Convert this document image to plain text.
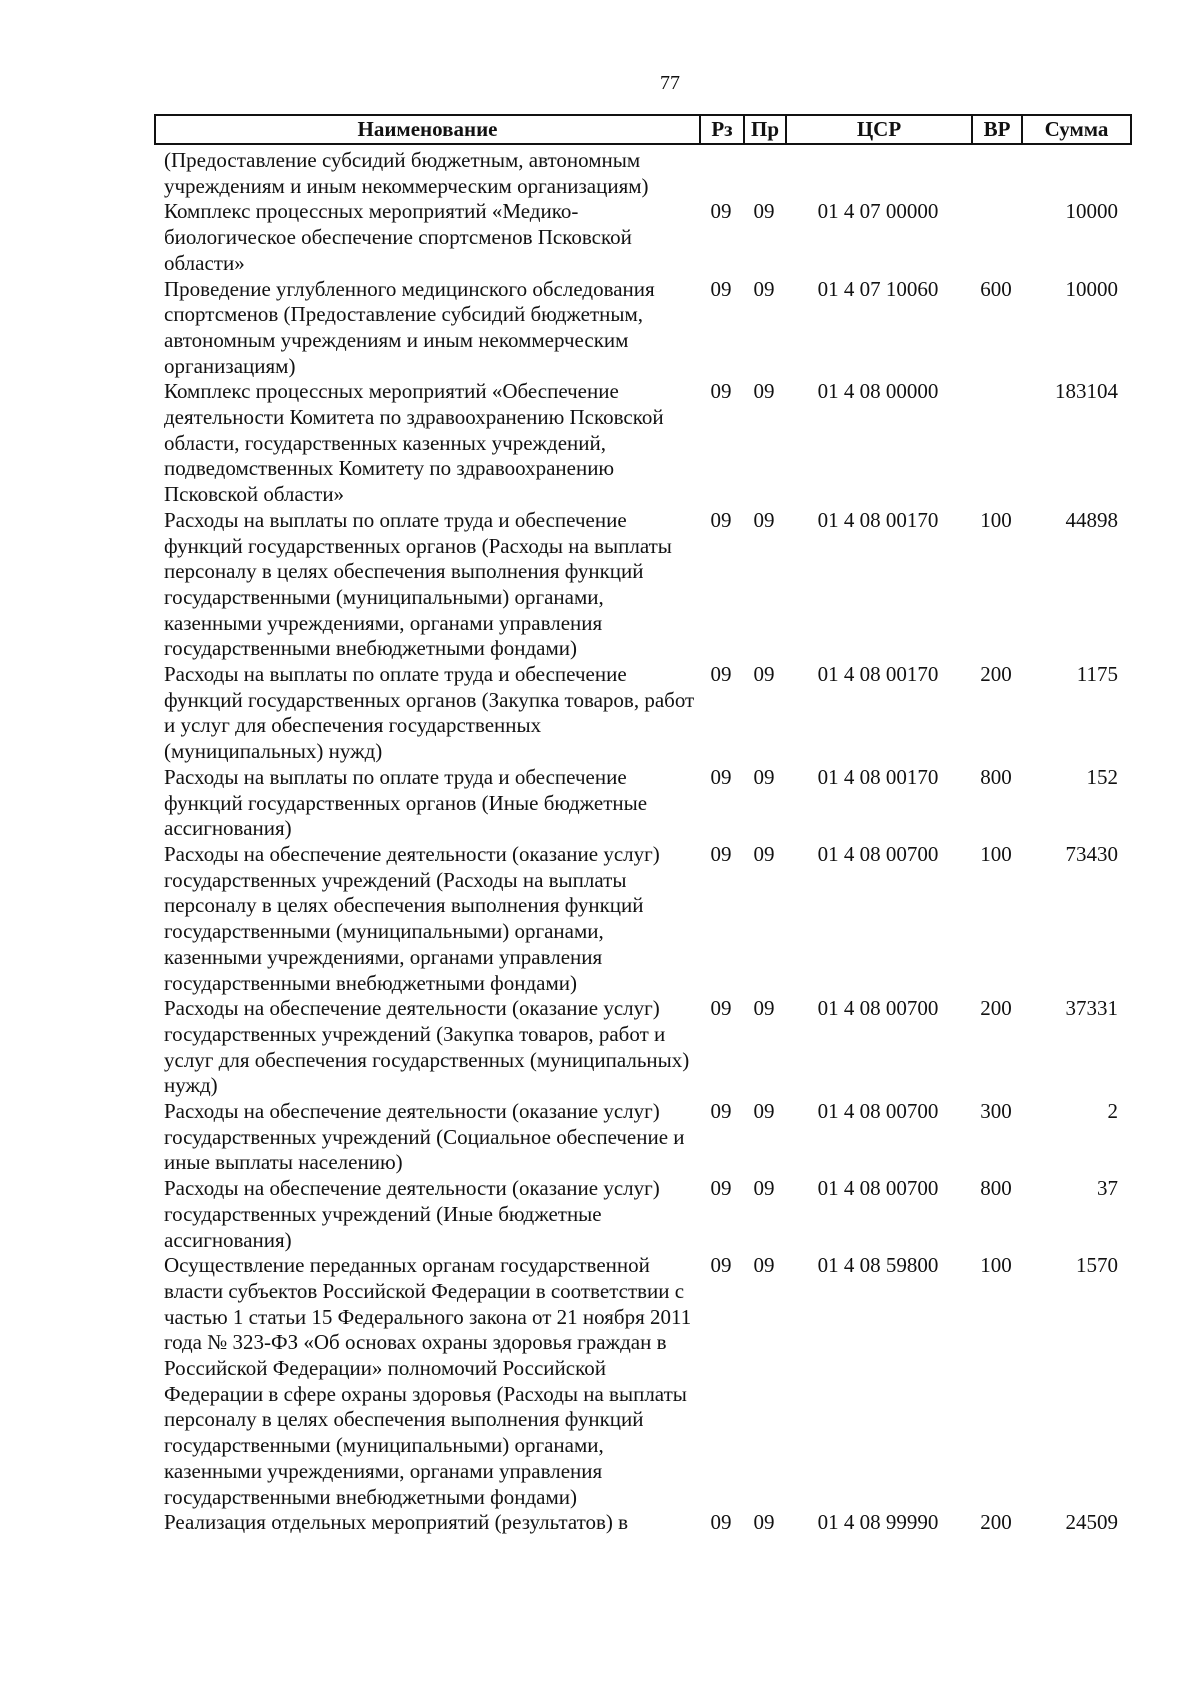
77
Наименование	Рз	Пр	ЦСР	ВР	Сумма
(Предоставление субсидий бюджетным, автономным учреждениям и иным некоммерческим организациям)					
Комплекс процессных мероприятий «Медико-биологическое обеспечение спортсменов Псковской области»	09	09	01 4 07 00000		10000
Проведение углубленного медицинского обследования спортсменов (Предоставление субсидий бюджетным, автономным учреждениям и иным некоммерческим организациям)	09	09	01 4 07 10060	600	10000
Комплекс процессных мероприятий «Обеспечение деятельности Комитета по здравоохранению Псковской области, государственных казенных учреждений, подведомственных Комитету по здравоохранению Псковской области»	09	09	01 4 08 00000		183104
Расходы на выплаты по оплате труда и обеспечение функций государственных органов (Расходы на выплаты персоналу в целях обеспечения выполнения функций государственными (муниципальными) органами, казенными учреждениями, органами управления государственными внебюджетными фондами)	09	09	01 4 08 00170	100	44898
Расходы на выплаты по оплате труда и обеспечение функций государственных органов (Закупка товаров, работ и услуг для обеспечения государственных (муниципальных) нужд)	09	09	01 4 08 00170	200	1175
Расходы на выплаты по оплате труда и обеспечение функций государственных органов (Иные бюджетные ассигнования)	09	09	01 4 08 00170	800	152
Расходы на обеспечение деятельности (оказание услуг) государственных учреждений (Расходы на выплаты персоналу в целях обеспечения выполнения функций государственными (муниципальными) органами, казенными учреждениями, органами управления государственными внебюджетными фондами)	09	09	01 4 08 00700	100	73430
Расходы на обеспечение деятельности (оказание услуг) государственных учреждений (Закупка товаров, работ и услуг для обеспечения государственных (муниципальных) нужд)	09	09	01 4 08 00700	200	37331
Расходы на обеспечение деятельности (оказание услуг) государственных учреждений (Социальное обеспечение и иные выплаты населению)	09	09	01 4 08 00700	300	2
Расходы на обеспечение деятельности (оказание услуг) государственных учреждений (Иные бюджетные ассигнования)	09	09	01 4 08 00700	800	37
Осуществление переданных органам государственной власти субъектов Российской Федерации в соответствии с частью 1 статьи 15 Федерального закона от 21 ноября 2011 года № 323-ФЗ «Об основах охраны здоровья граждан в Российской Федерации» полномочий Российской Федерации в сфере охраны здоровья (Расходы на выплаты персоналу в целях обеспечения выполнения функций государственными (муниципальными) органами, казенными учреждениями, органами управления государственными внебюджетными фондами)	09	09	01 4 08 59800	100	1570
Реализация отдельных мероприятий (результатов) в	09	09	01 4 08 99990	200	24509
